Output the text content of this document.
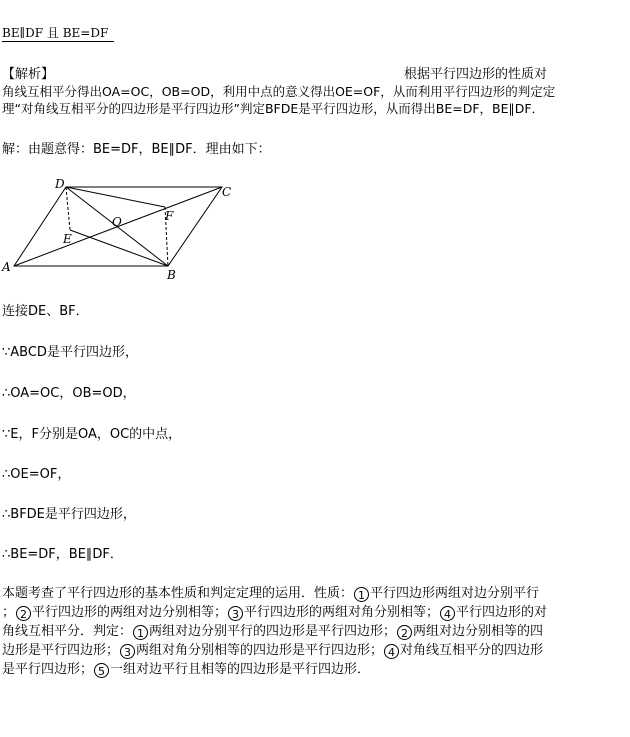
BE∥DF 且 BE=DF
【解析】	根据平行四边形的性质对
角线互相平分得出OA=OC，OB=OD，利用中点的意义得出OE=OF，从而利用平行四边形的判定定
理“对角线互相平分的四边形是平行四边形”判定BFDE是平行四边形，从而得出BE=DF，BE∥DF．
解：由题意得：BE=DF，BE∥DF．理由如下：
A
B
C
D
E
F
O
连接DE、BF．
∵ABCD是平行四边形，
∴OA=OC，OB=OD，
∵E，F分别是OA，OC的中点，
∴OE=OF，
∴BFDE是平行四边形，
∴BE=DF，BE∥DF．
本题考查了平行四边形的基本性质和判定定理的运用．性质： 1 平行四边形两组对边分别平行
； 2 平行四边形的两组对边分别相等； 3 平行四边形的两组对角分别相等； 4 平行四边形的对
角线互相平分．判定： 1 两组对边分别平行的四边形是平行四边形； 2 两组对边分别相等的四
边形是平行四边形； 3 两组对角分别相等的四边形是平行四边形； 4 对角线互相平分的四边形
是平行四边形； 5 一组对边平行且相等的四边形是平行四边形．
